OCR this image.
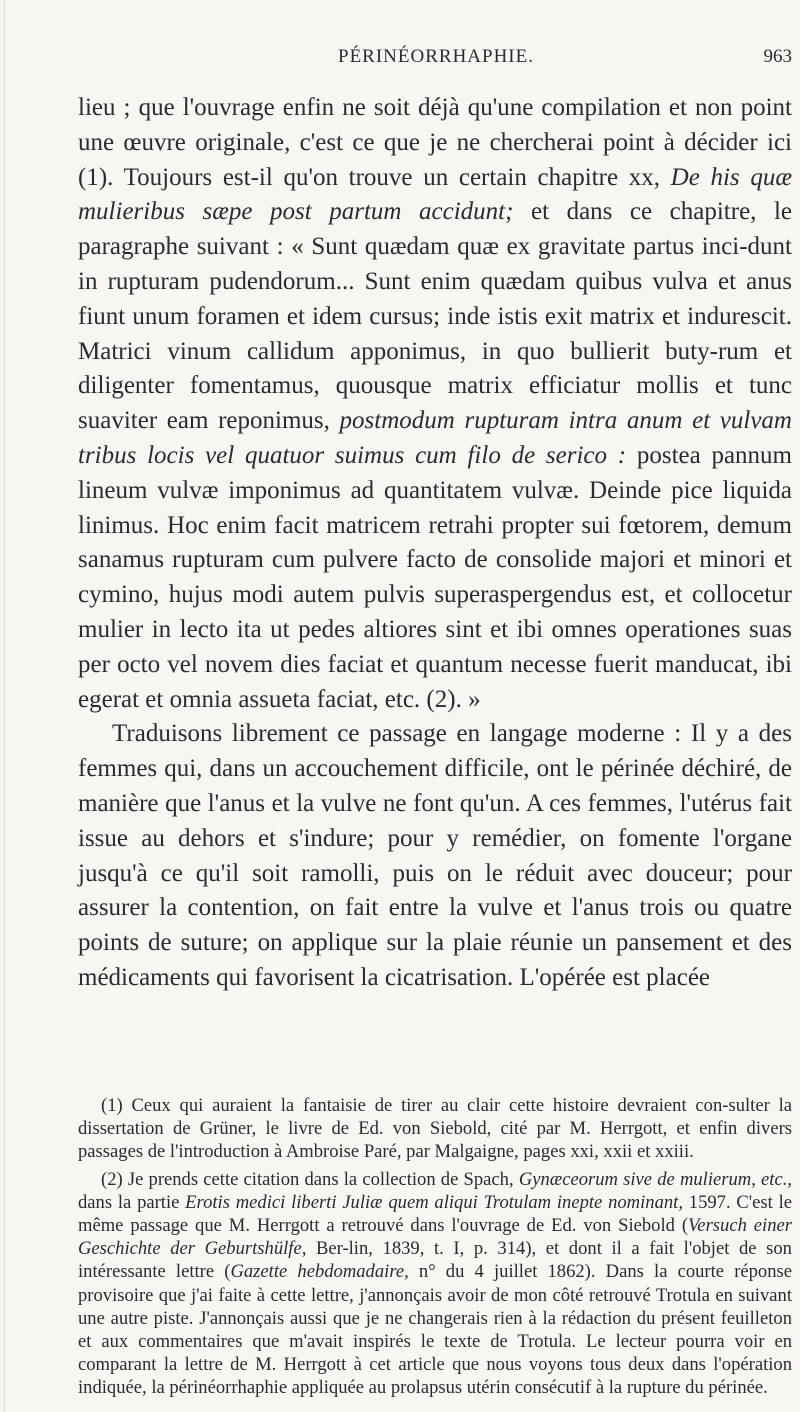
PÉRINÉORRHAPHIE.	963

lieu ; que l'ouvrage enfin ne soit déjà qu'une compilation et non point une œuvre originale, c'est ce que je ne chercherai point à décider ici (1). Toujours est-il qu'on trouve un certain chapitre xx, De his quæ mulieribus sæpe post partum accidunt; et dans ce chapitre, le paragraphe suivant : « Sunt quædam quæ ex gravitate partus inci-dunt in rupturam pudendorum... Sunt enim quædam quibus vulva et anus fiunt unum foramen et idem cursus; inde istis exit matrix et indurescit. Matrici vinum callidum apponimus, in quo bullierit buty-rum et diligenter fomentamus, quousque matrix efficiatur mollis et tunc suaviter eam reponimus, postmodum rupturam intra anum et vulvam tribus locis vel quatuor suimus cum filo de serico : postea pannum lineum vulvæ imponimus ad quantitatem vulvæ. Deinde pice liquida linimus. Hoc enim facit matricem retrahi propter sui fœtorem, demum sanamus rupturam cum pulvere facto de consolide majori et minori et cymino, hujus modi autem pulvis superaspergendus est, et collocetur mulier in lecto ita ut pedes altiores sint et ibi omnes operationes suas per octo vel novem dies faciat et quantum necesse fuerit manducat, ibi egerat et omnia assueta faciat, etc. (2). »

Traduisons librement ce passage en langage moderne : Il y a des femmes qui, dans un accouchement difficile, ont le périnée déchiré, de manière que l'anus et la vulve ne font qu'un. A ces femmes, l'utérus fait issue au dehors et s'indure; pour y remédier, on fomente l'organe jusqu'à ce qu'il soit ramolli, puis on le réduit avec douceur; pour assurer la contention, on fait entre la vulve et l'anus trois ou quatre points de suture; on applique sur la plaie réunie un pansement et des médicaments qui favorisent la cicatrisation. L'opérée est placée

(1) Ceux qui auraient la fantaisie de tirer au clair cette histoire devraient con-sulter la dissertation de Grüner, le livre de Ed. von Siebold, cité par M. Herrgott, et enfin divers passages de l'introduction à Ambroise Paré, par Malgaigne, pages xxi, xxii et xxiii.

(2) Je prends cette citation dans la collection de Spach, Gynæceorum sive de mulierum, etc., dans la partie Erotis medici liberti Juliæ quem aliqui Trotulam inepte nominant, 1597. C'est le même passage que M. Herrgott a retrouvé dans l'ouvrage de Ed. von Siebold (Versuch einer Geschichte der Geburtshülfe, Ber-lin, 1839, t. I, p. 314), et dont il a fait l'objet de son intéressante lettre (Gazette hebdomadaire, n° du 4 juillet 1862). Dans la courte réponse provisoire que j'ai faite à cette lettre, j'annonçais avoir de mon côté retrouvé Trotula en suivant une autre piste. J'annonçais aussi que je ne changerais rien à la rédaction du présent feuilleton et aux commentaires que m'avait inspirés le texte de Trotula. Le lecteur pourra voir en comparant la lettre de M. Herrgott à cet article que nous voyons tous deux dans l'opération indiquée, la périnéorrhaphie appliquée au prolapsus utérin consécutif à la rupture du périnée.
